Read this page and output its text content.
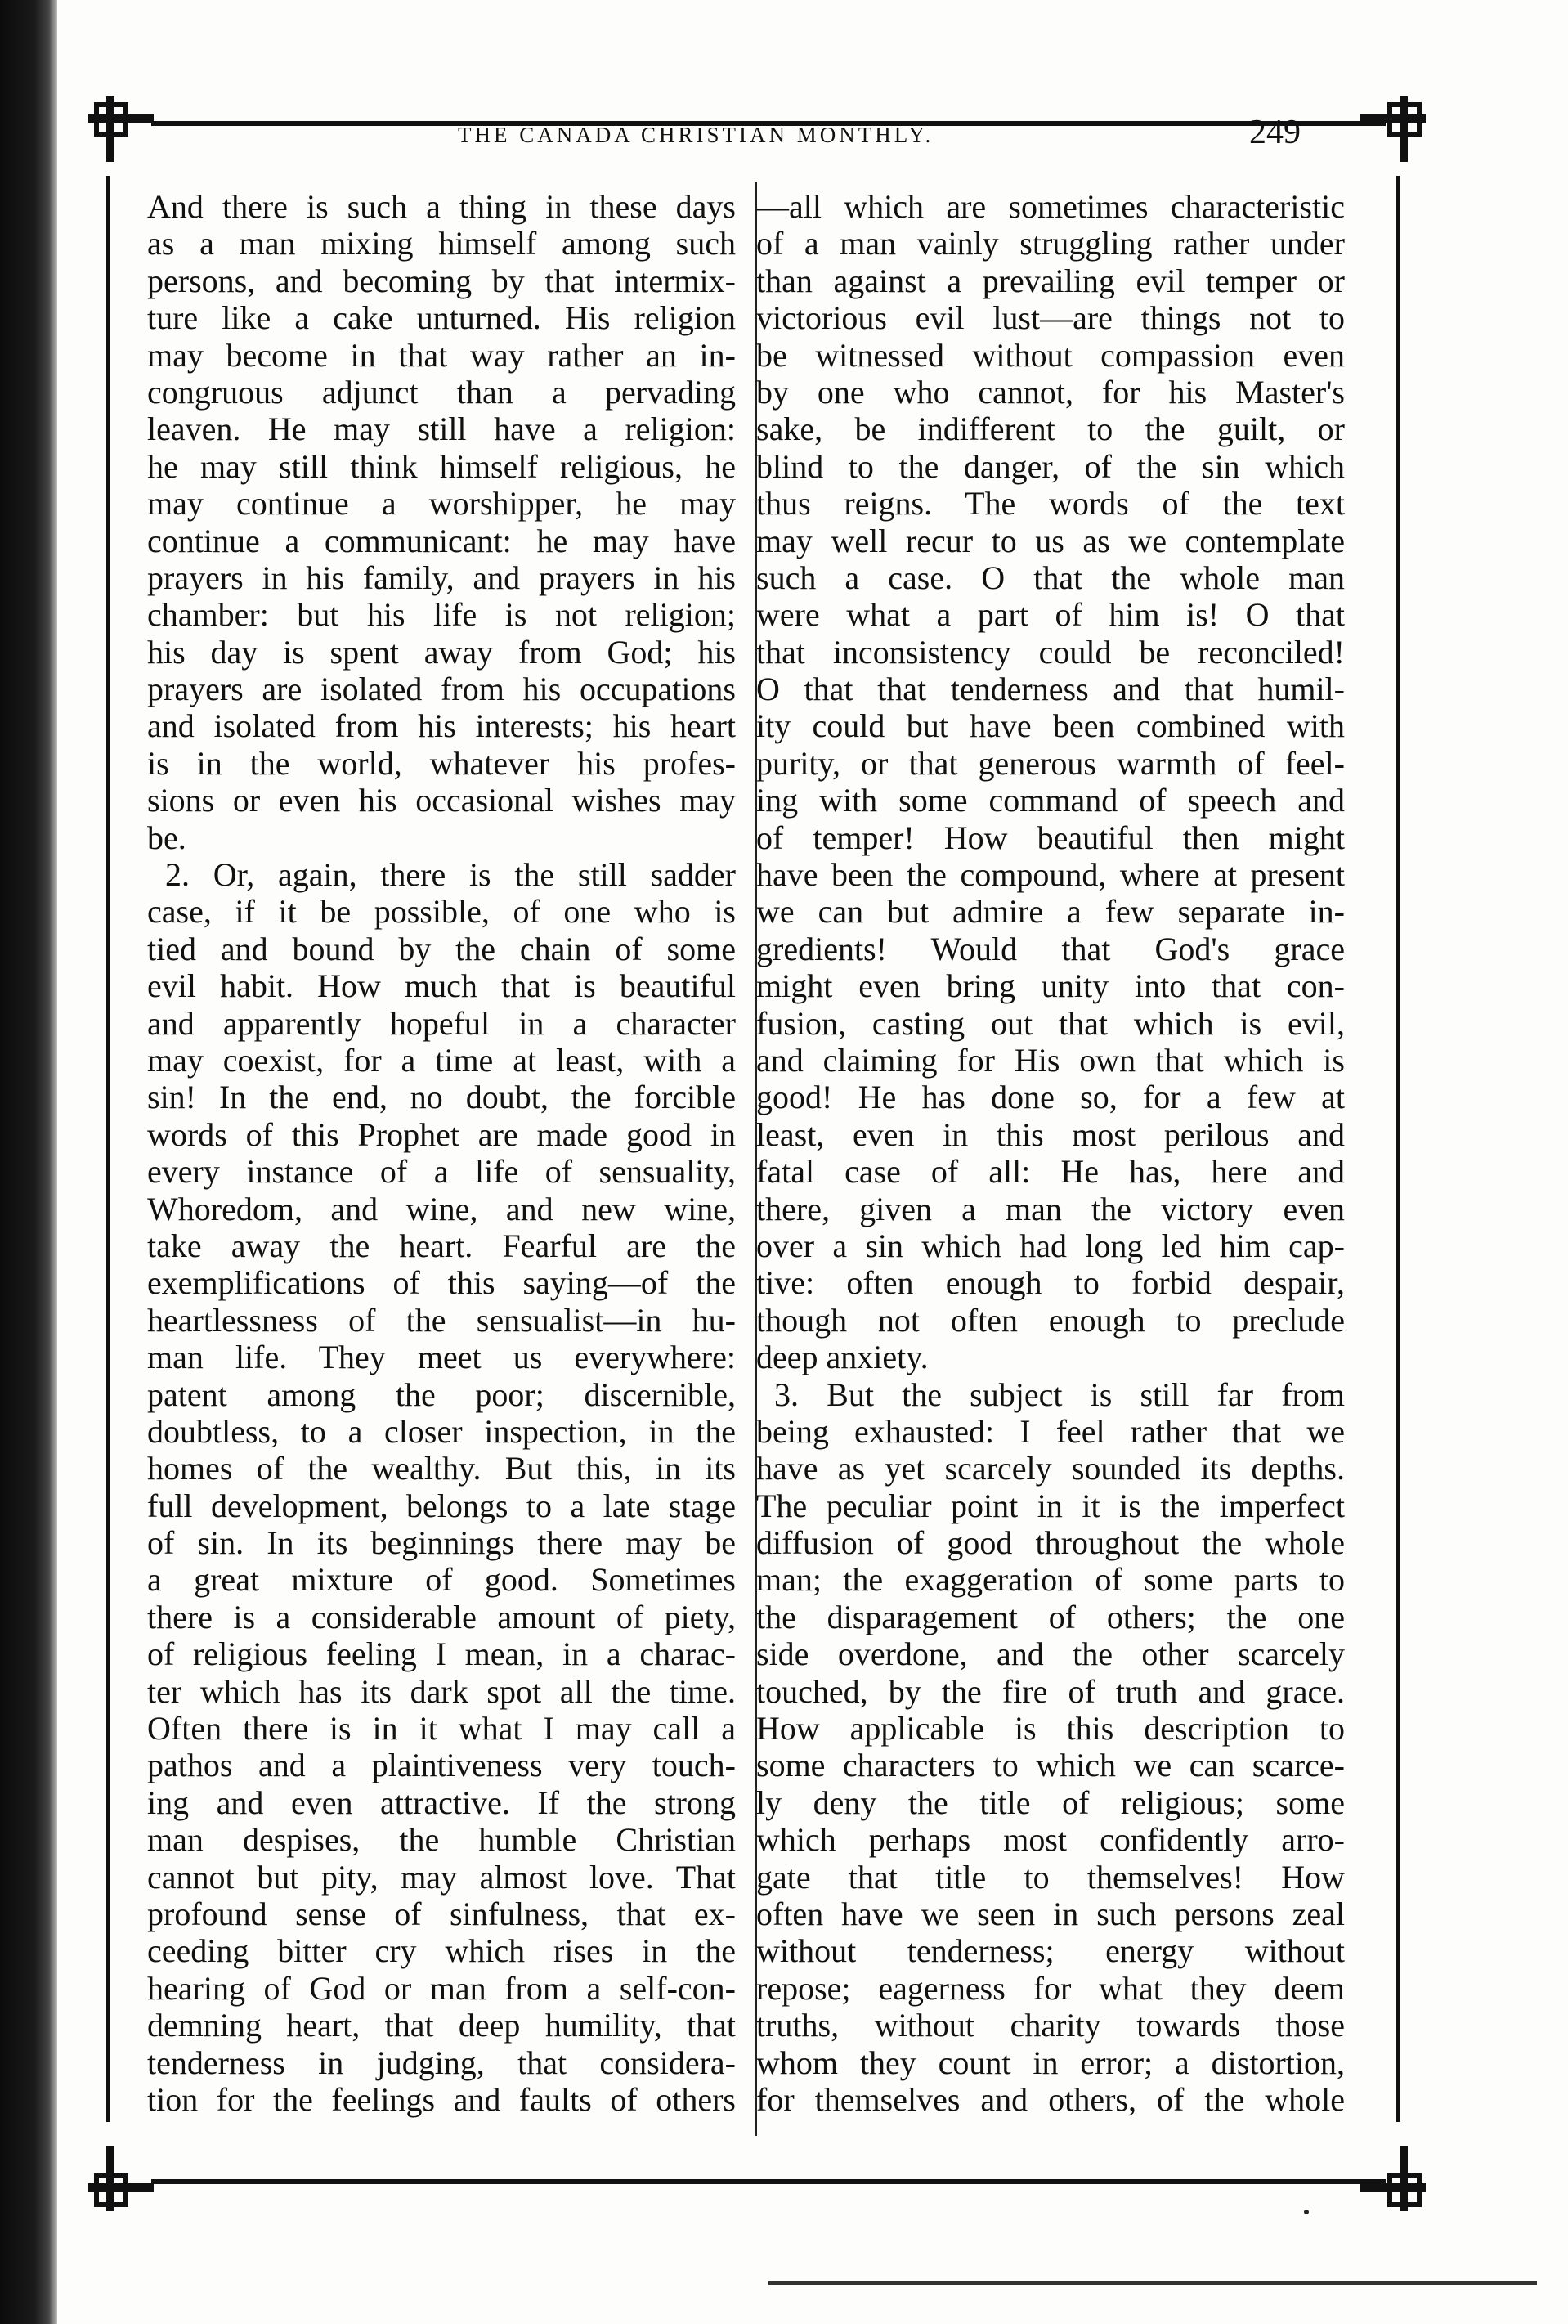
THE CANADA CHRISTIAN MONTHLY.	249
And there is such a thing in these days
as a man mixing himself among such
persons, and becoming by that intermix-
ture like a cake unturned. His religion
may become in that way rather an in-
congruous adjunct than a pervading
leaven. He may still have a religion:
he may still think himself religious, he
may continue a worshipper, he may
continue a communicant: he may have
prayers in his family, and prayers in his
chamber: but his life is not religion;
his day is spent away from God; his
prayers are isolated from his occupations
and isolated from his interests; his heart
is in the world, whatever his profes-
sions or even his occasional wishes may
be.
2. Or, again, there is the still sadder
case, if it be possible, of one who is
tied and bound by the chain of some
evil habit. How much that is beautiful
and apparently hopeful in a character
may coexist, for a time at least, with a
sin! In the end, no doubt, the forcible
words of this Prophet are made good in
every instance of a life of sensuality,
Whoredom, and wine, and new wine,
take away the heart. Fearful are the
exemplifications of this saying—of the
heartlessness of the sensualist—in hu-
man life. They meet us everywhere:
patent among the poor; discernible,
doubtless, to a closer inspection, in the
homes of the wealthy. But this, in its
full development, belongs to a late stage
of sin. In its beginnings there may be
a great mixture of good. Sometimes
there is a considerable amount of piety,
of religious feeling I mean, in a charac-
ter which has its dark spot all the time.
Often there is in it what I may call a
pathos and a plaintiveness very touch-
ing and even attractive. If the strong
man despises, the humble Christian
cannot but pity, may almost love. That
profound sense of sinfulness, that ex-
ceeding bitter cry which rises in the
hearing of God or man from a self-con-
demning heart, that deep humility, that
tenderness in judging, that considera-
tion for the feelings and faults of others
—all which are sometimes characteristic
of a man vainly struggling rather under
than against a prevailing evil temper or
victorious evil lust—are things not to
be witnessed without compassion even
by one who cannot, for his Master's
sake, be indifferent to the guilt, or
blind to the danger, of the sin which
thus reigns. The words of the text
may well recur to us as we contemplate
such a case. O that the whole man
were what a part of him is! O that
that inconsistency could be reconciled!
O that that tenderness and that humil-
ity could but have been combined with
purity, or that generous warmth of feel-
ing with some command of speech and
of temper! How beautiful then might
have been the compound, where at present
we can but admire a few separate in-
gredients! Would that God's grace
might even bring unity into that con-
fusion, casting out that which is evil,
and claiming for His own that which is
good! He has done so, for a few at
least, even in this most perilous and
fatal case of all: He has, here and
there, given a man the victory even
over a sin which had long led him cap-
tive: often enough to forbid despair,
though not often enough to preclude
deep anxiety.
3. But the subject is still far from
being exhausted: I feel rather that we
have as yet scarcely sounded its depths.
The peculiar point in it is the imperfect
diffusion of good throughout the whole
man; the exaggeration of some parts to
the disparagement of others; the one
side overdone, and the other scarcely
touched, by the fire of truth and grace.
How applicable is this description to
some characters to which we can scarce-
ly deny the title of religious; some
which perhaps most confidently arro-
gate that title to themselves! How
often have we seen in such persons zeal
without tenderness; energy without
repose; eagerness for what they deem
truths, without charity towards those
whom they count in error; a distortion,
for themselves and others, of the whole
